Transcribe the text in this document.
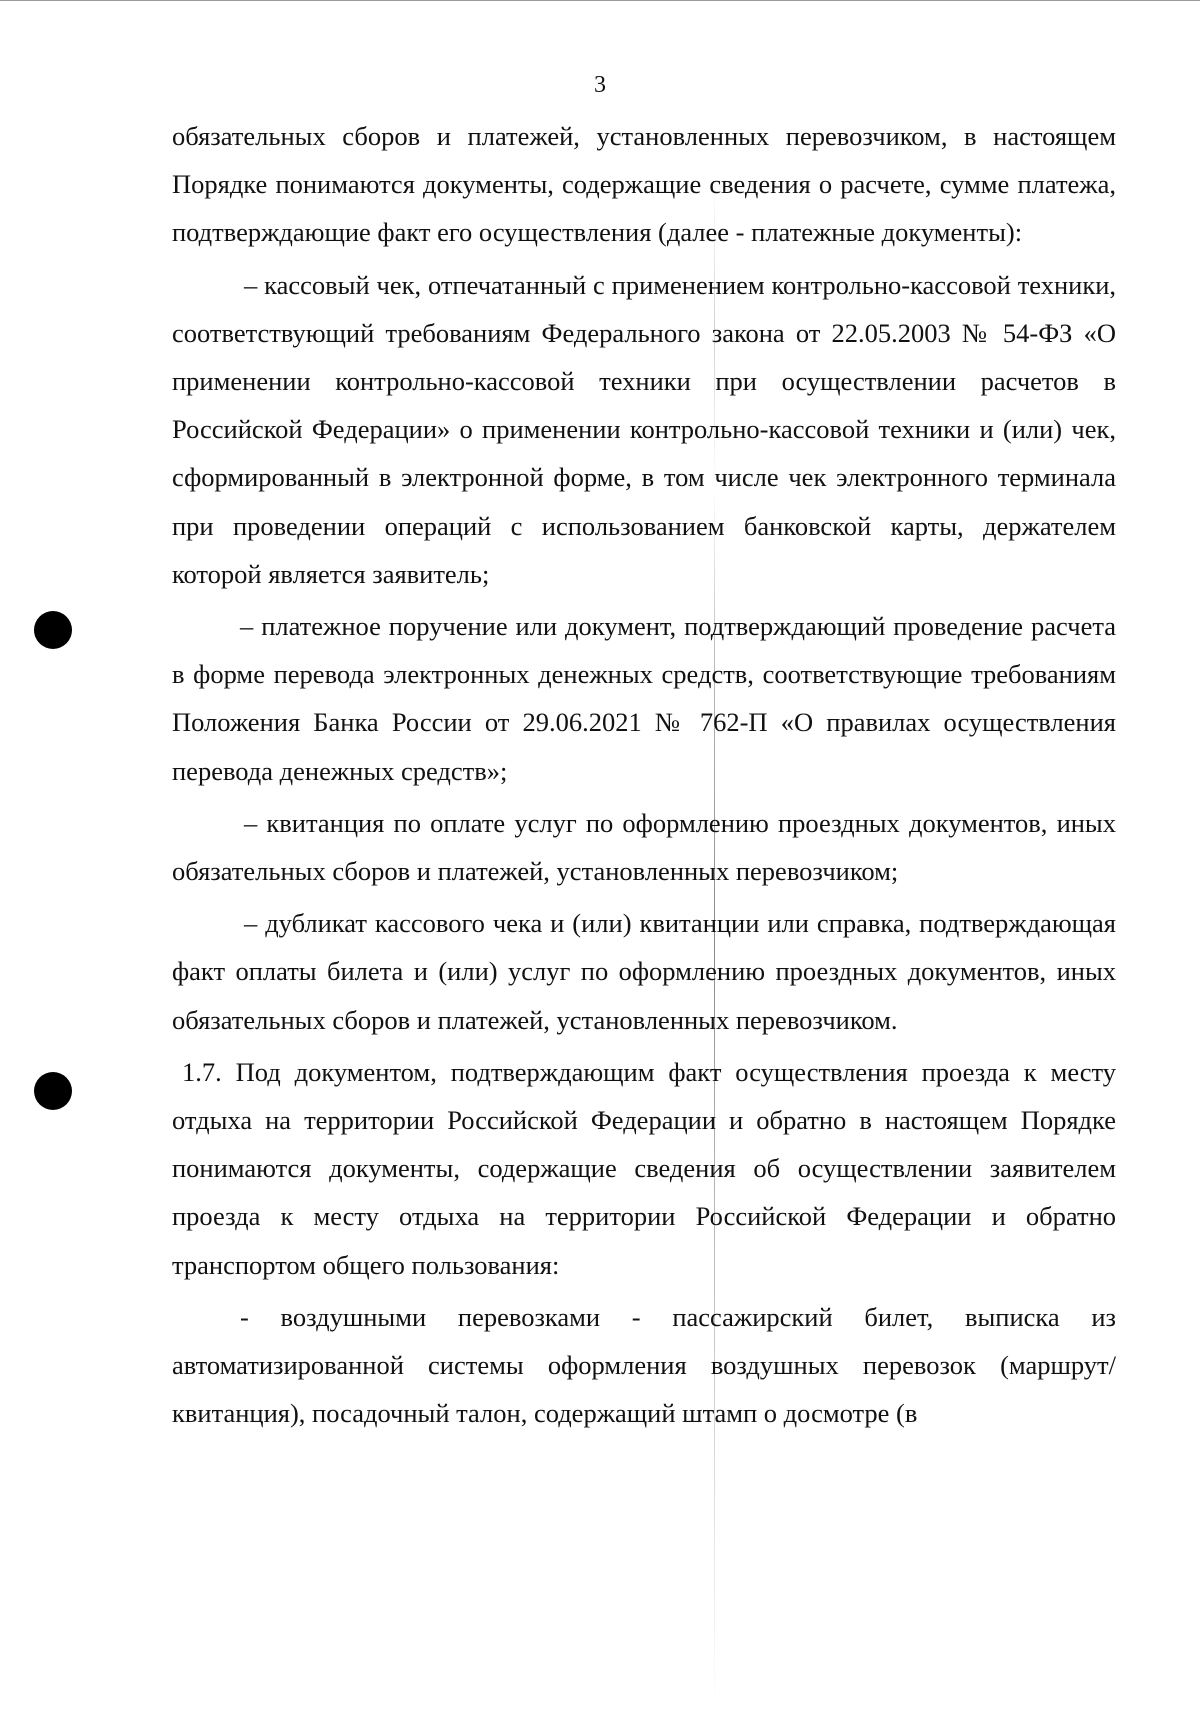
3

обязательных сборов и платежей, установленных перевозчиком, в настоящем Порядке понимаются документы, содержащие сведения о расчете, сумме платежа, подтверждающие факт его осуществления (далее - платежные документы):

– кассовый чек, отпечатанный с применением контрольно-кассовой техники, соответствующий требованиям Федерального закона от 22.05.2003 № 54-ФЗ «О применении контрольно-кассовой техники при осуществлении расчетов в Российской Федерации» о применении контрольно-кассовой техники и (или) чек, сформированный в электронной форме, в том числе чек электронного терминала при проведении операций с использованием банковской карты, держателем которой является заявитель;

– платежное поручение или документ, подтверждающий проведение расчета в форме перевода электронных денежных средств, соответствующие требованиям Положения Банка России от 29.06.2021 № 762-П «О правилах осуществления перевода денежных средств»;

– квитанция по оплате услуг по оформлению проездных документов, иных обязательных сборов и платежей, установленных перевозчиком;

– дубликат кассового чека и (или) квитанции или справка, подтверждающая факт оплаты билета и (или) услуг по оформлению проездных документов, иных обязательных сборов и платежей, установленных перевозчиком.

1.7. Под документом, подтверждающим факт осуществления проезда к месту отдыха на территории Российской Федерации и обратно в настоящем Порядке понимаются документы, содержащие сведения об осуществлении заявителем проезда к месту отдыха на территории Российской Федерации и обратно транспортом общего пользования:

- воздушными перевозками - пассажирский билет, выписка из автоматизированной системы оформления воздушных перевозок (маршрут/квитанция), посадочный талон, содержащий штамп о досмотре (в
